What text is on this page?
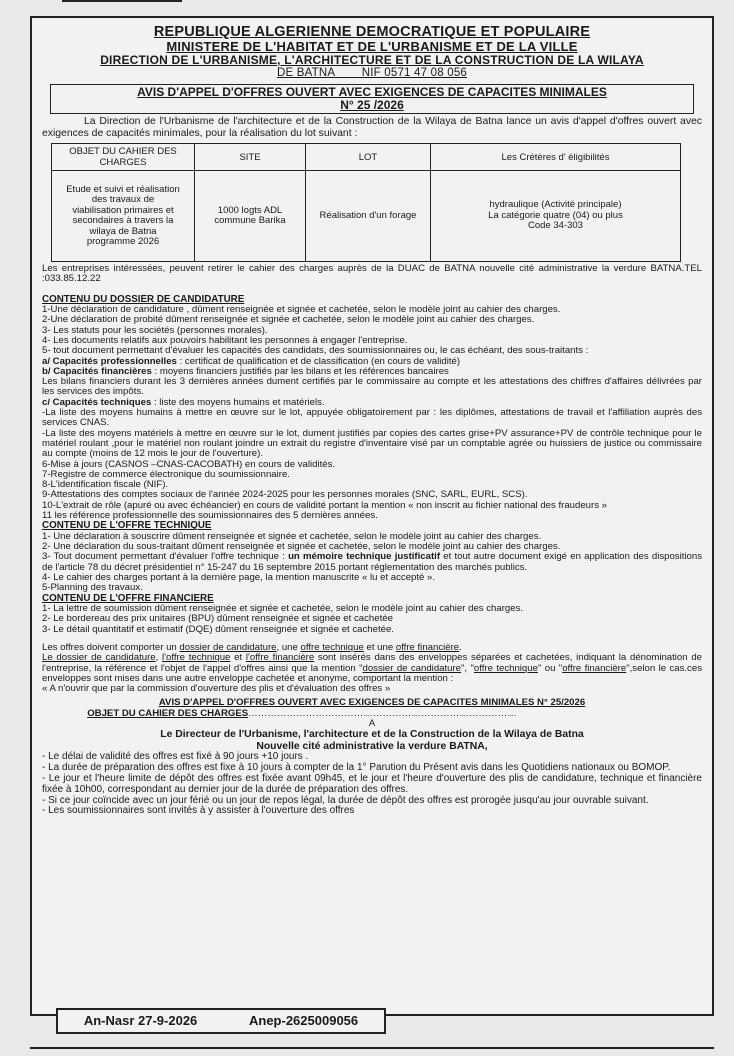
REPUBLIQUE ALGERIENNE DEMOCRATIQUE ET POPULAIRE
MINISTERE DE L'HABITAT ET DE L'URBANISME ET DE LA VILLE
DIRECTION DE L'URBANISME, L'ARCHITECTURE ET DE LA CONSTRUCTION DE LA WILAYA
DE BATNA        NIF 0571 47 08 056
AVIS D'APPEL D'OFFRES OUVERT AVEC EXIGENCES DE CAPACITES MINIMALES
N° 25 /2026
La Direction de l'Urbanisme de l'architecture et de la Construction de la Wilaya de Batna lance un avis d'appel d'offres ouvert avec exigences de capacités minimales, pour la réalisation du lot suivant :
OBJET DU CAHIER DES CHARGES	SITE	LOT	Les Crétères d' éligibilités
Etude et suivi et réalisation des travaux de viabilisation primaires et secondaires à travers la wilaya de Batna programme 2026	1000 logts ADL commune Barika	Réalisation d'un forage	hydraulique (Activité principale)
La catégorie quatre (04) ou plus
Code 34-303
Les entreprises intéressées, peuvent retirer le cahier des charges auprès de la DUAC de BATNA nouvelle cité administrative la verdure BATNA.TEL :033.85.12.22
CONTENU DU DOSSIER DE CANDIDATURE
1-Une déclaration de candidature , dûment renseignée et signée et cachetée, selon le modèle joint au cahier des charges.
2-Une déclaration de probité dûment renseignée et signée et cachetée, selon le modèle joint au cahier des charges.
3- Les statuts pour les sociétés (personnes morales).
4- Les documents relatifs aux pouvoirs habilitant les personnes à engager l'entreprise.
5- tout document permettant d'évaluer les capacités des candidats, des soumissionnaires ou, le cas échéant, des sous-traitants :
a/ Capacités professionnelles : certificat de qualification et de classification (en cours de validité)
b/ Capacités financières : moyens financiers justifiés par les bilans et les références bancaires
Les bilans financiers durant les 3 dernières années dument certifiés par le commissaire au compte et les attestations des chiffres d'affaires délivrées par les services des impôts.
c/ Capacités techniques : liste des moyens humains et matériels.
-La liste des moyens humains à mettre en œuvre sur le lot, appuyée obligatoirement par : les diplômes, attestations de travail et l'affiliation auprès des services CNAS.
-La liste des moyens matériels à mettre en œuvre sur le lot, dument justifiés par copies des cartes grise+PV assurance+PV de contrôle technique pour le matériel roulant ,pour le matériel non roulant joindre un extrait du registre d'inventaire visé par un comptable agrée ou huissiers de justice ou commissaire au compte (moins de 12 mois le jour de l'ouverture).
6-Mise à jours (CASNOS –CNAS-CACOBATH) en cours de validités.
7-Registre de commerce électronique du soumissionnaire.
8-L'identification fiscale (NIF).
9-Attestations des comptes sociaux de l'année 2024-2025 pour les personnes morales (SNC, SARL, EURL, SCS).
10-L'extrait de rôle (apuré ou avec échéancier) en cours de validité portant la mention « non inscrit au fichier national des fraudeurs »
11 les référence professionnelle des soumissionnaires des 5 dernières années.
CONTENU DE L'OFFRE TECHNIQUE
1- Une déclaration à souscrire dûment renseignée et signée et cachetée, selon le modèle joint au cahier des charges.
2- Une déclaration du sous-traitant dûment renseignée et signée et cachetée, selon le modèle joint au cahier des charges.
3- Tout document permettant d'évaluer l'offre technique : un mémoire technique justificatif et tout autre document exigé en application des dispositions de l'article 78 du décret présidentiel n° 15-247 du 16 septembre 2015 portant réglementation des marchés publics.
4- Le cahier des charges portant à la dernière page, la mention manuscrite « lu et accepté ».
5-Planning des travaux.
CONTENU DE L'OFFRE FINANCIERE
1- La lettre de soumission dûment renseignée et signée et cachetée, selon le modèle joint au cahier des charges.
2- Le bordereau des prix unitaires (BPU) dûment renseignée et signée et cachetée
3- Le détail quantitatif et estimatif (DQE) dûment renseignée et signée et cachetée.
Les offres doivent comporter un dossier de candidature, une offre technique et une offre financière.
Le dossier de candidature, l'offre technique et l'offre financière sont insérés dans des enveloppes séparées et cachetées, indiquant la dénomination de l'entreprise, la référence et l'objet de l'appel d'offres ainsi que la mention "dossier de candidature", "offre technique" ou "offre financière",selon le cas.ces enveloppes sont mises dans une autre enveloppe cachetée et anonyme, comportant la mention :
« A n'ouvrir que par la commission d'ouverture des plis et d'évaluation des offres »
AVIS D'APPEL D'OFFRES OUVERT AVEC EXIGENCES DE CAPACITES MINIMALES N° 25/2026
OBJET DU CAHIER DES CHARGES…………………………………………………………………………
A
Le Directeur de l'Urbanisme, l'architecture et de la Construction de la Wilaya de Batna
Nouvelle cité administrative la verdure BATNA,
- Le délai de validité des offres est fixé à 90 jours +10 jours .
- La durée de préparation des offres est fixe à 10 jours à compter de la 1° Parution du Présent avis dans les Quotidiens nationaux ou BOMOP.
- Le jour et l'heure limite de dépôt des offres est fixée avant 09h45, et le jour et l'heure d'ouverture des plis de candidature, technique et financière fixée à 10h00, correspondant au dernier jour de la durée de préparation des offres.
- Si ce jour coïncide avec un jour férié ou un jour de repos légal, la durée de dépôt des offres est prorogée jusqu'au jour ouvrable suivant.
- Les soumissionnaires sont invités à y assister à l'ouverture des offres
An-Nasr 27-9-2026	Anep-2625009056
